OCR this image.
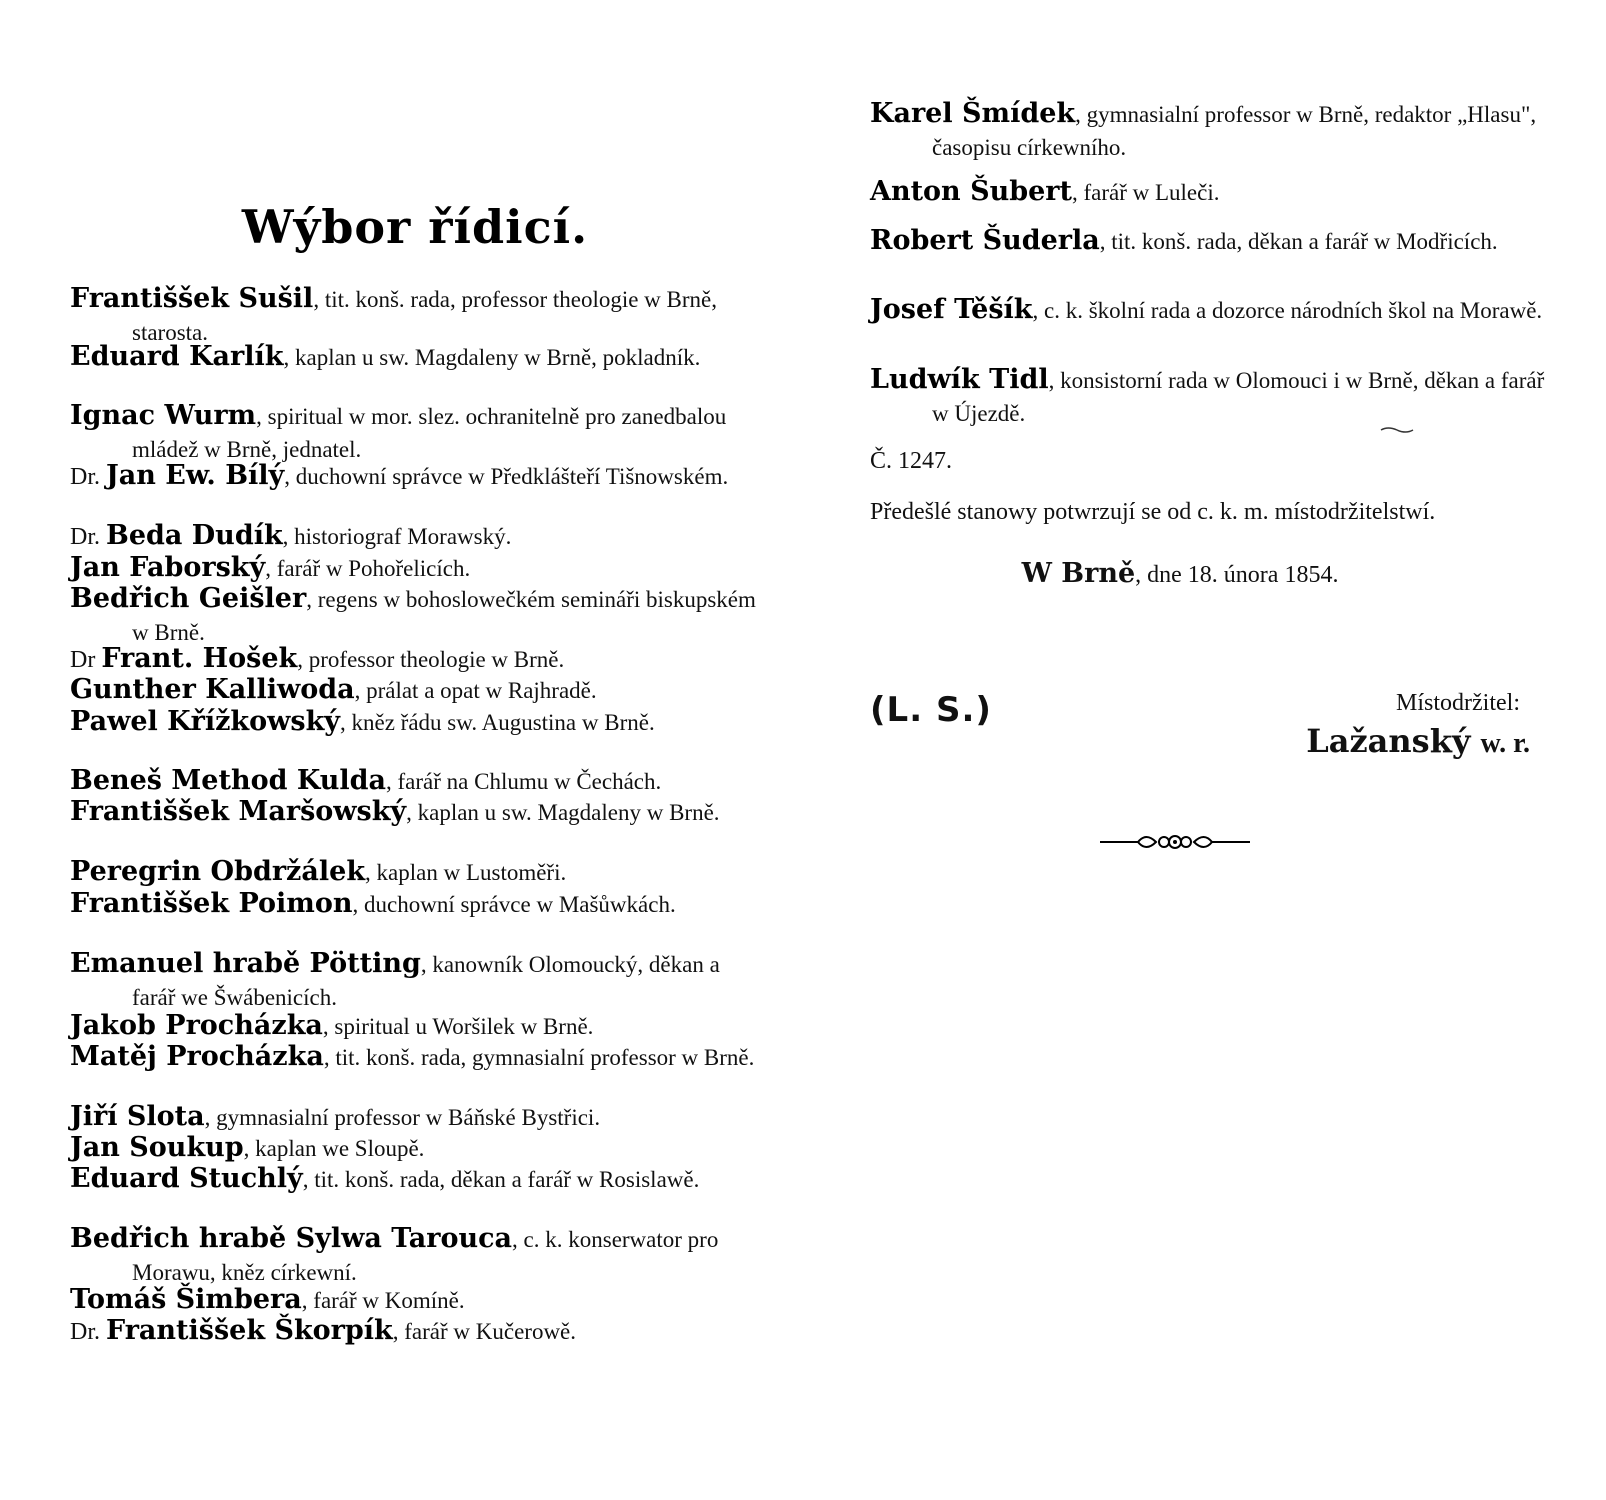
Wýbor řídicí.
Františšek Sušil, tit. konš. rada, professor theologie w Brně, starosta.
Eduard Karlík, kaplan u sw. Magdaleny w Brně, pokladník.
Ignac Wurm, spiritual w mor. slez. ochranitelně pro zanedbalou mládež w Brně, jednatel.
Dr. Jan Ew. Bílý, duchowní správce w Předklášteří Tišnowském.
Dr. Beda Dudík, historiograf Morawský.
Jan Faborský, farář w Pohořelicích.
Bedřich Geišler, regens w bohoslowečkém semináři biskupském w Brně.
Dr Frant. Hošek, professor theologie w Brně.
Gunther Kalliwoda, prálat a opat w Rajhradě.
Pawel Křížkowský, kněz řádu sw. Augustina w Brně.
Beneš Method Kulda, farář na Chlumu w Čechách.
Františšek Maršowský, kaplan u sw. Magdaleny w Brně.
Peregrin Obdržálek, kaplan w Lustoměři.
Františšek Poimon, duchowní správce w Mašůwkách.
Emanuel hrabě Pötting, kanowník Olomoucký, děkan a farář we Šwábenicích.
Jakob Procházka, spiritual u Woršilek w Brně.
Matěj Procházka, tit. konš. rada, gymnasialní professor w Brně.
Jiří Slota, gymnasialní professor w Báňské Bystřici.
Jan Soukup, kaplan we Sloupě.
Eduard Stuchlý, tit. konš. rada, děkan a farář w Rosislawě.
Bedřich hrabě Sylwa Tarouca, c. k. konserwator pro Morawu, kněz církewní.
Tomáš Šimbera, farář w Komíně.
Dr. Františšek Škorpík, farář w Kučerowě.
Karel Šmídek, gymnasialní professor w Brně, redaktor „Hlasu", časopisu církewního.
Anton Šubert, farář w Luleči.
Robert Šuderla, tit. konš. rada, děkan a farář w Modřicích.
Josef Těšík, c. k. školní rada a dozorce národních škol na Morawě.
Ludwík Tidl, konsistorní rada w Olomouci i w Brně, děkan a farář w Újezdě.
Č. 1247.
Předešlé stanowy potwrzují se od c. k. m. místodržitelstwí.
W Brně, dne 18. února 1854.
(L. S.)	Místodržitel:
Lažanský w. r.
